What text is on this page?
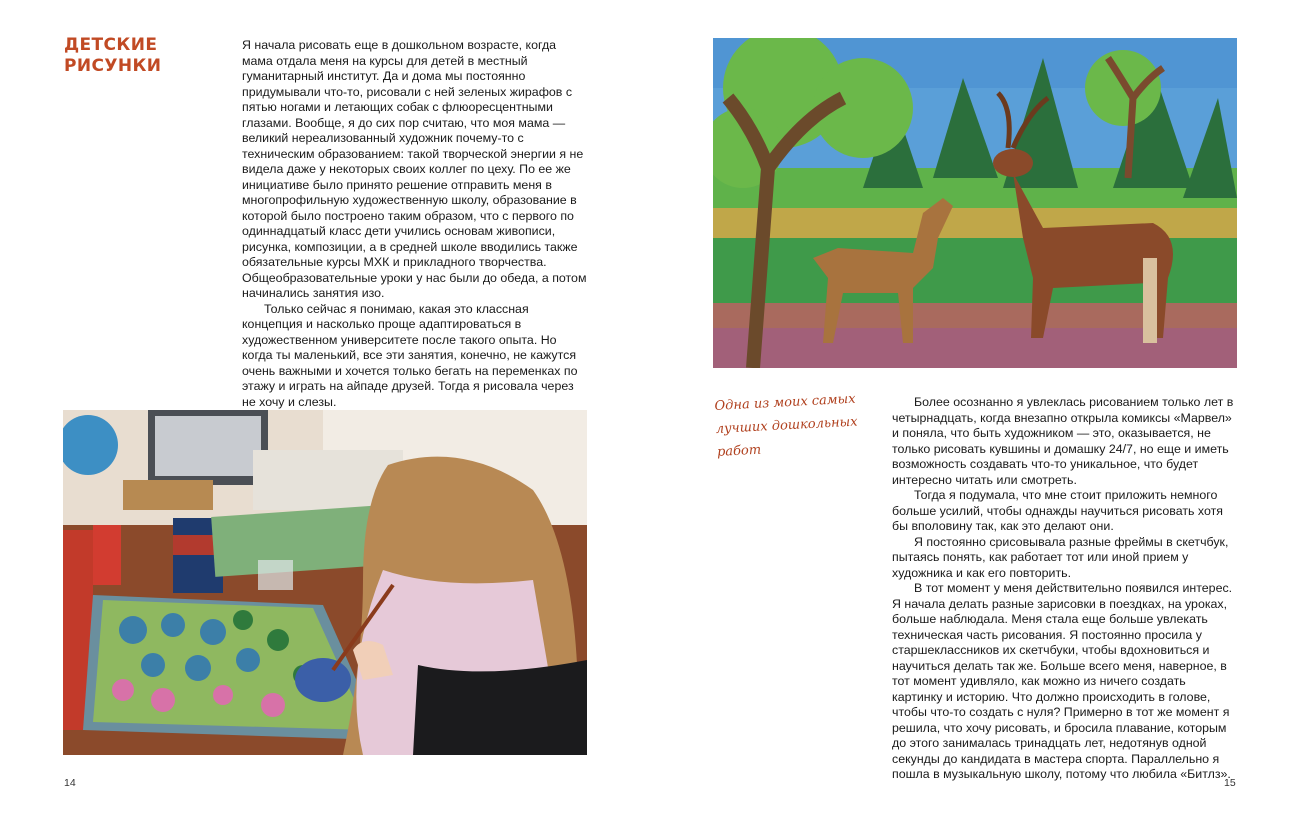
ДЕТСКИЕ
РИСУНКИ

Я начала рисовать еще в дошкольном возрасте, когда мама отдала меня на курсы для детей в местный гуманитарный институт. Да и дома мы постоянно придумывали что-то, рисовали с ней зеленых жирафов с пятью ногами и летающих собак с флюоресцентными глазами. Вообще, я до сих пор считаю, что моя мама — великий нереализованный художник почему-то с техническим образованием: такой творческой энергии я не видела даже у некоторых своих коллег по цеху. По ее же инициативе было принято решение отправить меня в многопрофильную художественную школу, образование в которой было построено таким образом, что с первого по одиннадцатый класс дети учились основам живописи, рисунка, композиции, а в средней школе вводились также обязательные курсы МХК и прикладного творчества. Общеобразовательные уроки у нас были до обеда, а потом начинались занятия изо.

Только сейчас я понимаю, какая это классная концепция и насколько проще адаптироваться в художественном университете после такого опыта. Но когда ты маленький, все эти занятия, конечно, не кажутся очень важными и хочется только бегать на переменках по этажу и играть на айпаде друзей. Тогда я рисовала через не хочу и слезы.

14

Одна из моих самых лучших дошкольных работ

Более осознанно я увлеклась рисованием только лет в четырнадцать, когда внезапно открыла комиксы «Марвел» и поняла, что быть художником — это, оказывается, не только рисовать кувшины и домашку 24/7, но еще и иметь возможность создавать что-то уникальное, что будет интересно читать или смотреть.

Тогда я подумала, что мне стоит приложить немного больше усилий, чтобы однажды научиться рисовать хотя бы вполовину так, как это делают они.

Я постоянно срисовывала разные фреймы в скетчбук, пытаясь понять, как работает тот или иной прием у художника и как его повторить.

В тот момент у меня действительно появился интерес. Я начала делать разные зарисовки в поездках, на уроках, больше наблюдала. Меня стала еще больше увлекать техническая часть рисования. Я постоянно просила у старшеклассников их скетчбуки, чтобы вдохновиться и научиться делать так же. Больше всего меня, наверное, в тот момент удивляло, как можно из ничего создать картинку и историю. Что должно происходить в голове, чтобы что-то создать с нуля? Примерно в тот же момент я решила, что хочу рисовать, и бросила плавание, которым до этого занималась тринадцать лет, недотянув одной секунды до кандидата в мастера спорта. Параллельно я пошла в музыкальную школу, потому что любила «Битлз».

15
